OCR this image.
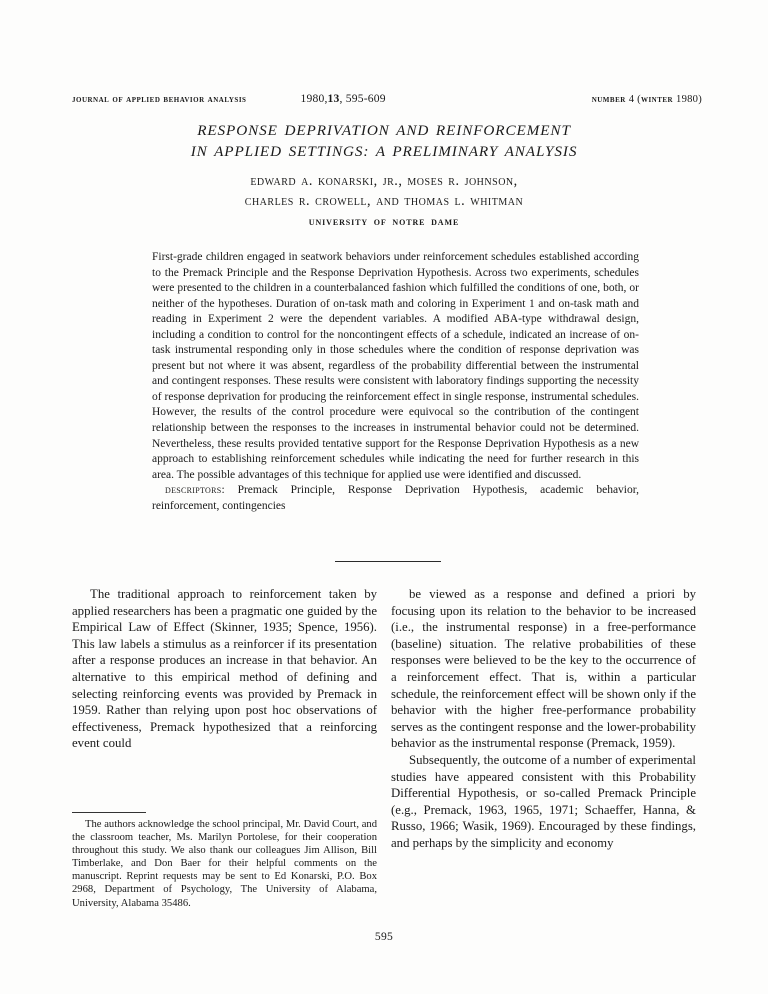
journal of applied behavior analysis	1980,13, 595-609	number 4 (winter 1980)
RESPONSE DEPRIVATION AND REINFORCEMENT
IN APPLIED SETTINGS: A PRELIMINARY ANALYSIS
edward a. konarski, jr., moses r. johnson,
charles r. crowell, and thomas l. whitman
university of notre dame

First-grade children engaged in seatwork behaviors under reinforcement schedules established according to the Premack Principle and the Response Deprivation Hypothesis. Across two experiments, schedules were presented to the children in a counterbalanced fashion which fulfilled the conditions of one, both, or neither of the hypotheses. Duration of on-task math and coloring in Experiment 1 and on-task math and reading in Experiment 2 were the dependent variables. A modified ABA-type withdrawal design, including a condition to control for the noncontingent effects of a schedule, indicated an increase of on-task instrumental responding only in those schedules where the condition of response deprivation was present but not where it was absent, regardless of the probability differential between the instrumental and contingent responses. These results were consistent with laboratory findings supporting the necessity of response deprivation for producing the reinforcement effect in single response, instrumental schedules. However, the results of the control procedure were equivocal so the contribution of the contingent relationship between the responses to the increases in instrumental behavior could not be determined. Nevertheless, these results provided tentative support for the Response Deprivation Hypothesis as a new approach to establishing reinforcement schedules while indicating the need for further research in this area. The possible advantages of this technique for applied use were identified and discussed.

descriptors: Premack Principle, Response Deprivation Hypothesis, academic behavior, reinforcement, contingencies

The traditional approach to reinforcement taken by applied researchers has been a pragmatic one guided by the Empirical Law of Effect (Skinner, 1935; Spence, 1956). This law labels a stimulus as a reinforcer if its presentation after a response produces an increase in that behavior. An alternative to this empirical method of defining and selecting reinforcing events was provided by Premack in 1959. Rather than relying upon post hoc observations of effectiveness, Premack hypothesized that a reinforcing event could

be viewed as a response and defined a priori by focusing upon its relation to the behavior to be increased (i.e., the instrumental response) in a free-performance (baseline) situation. The relative probabilities of these responses were believed to be the key to the occurrence of a reinforcement effect. That is, within a particular schedule, the reinforcement effect will be shown only if the behavior with the higher free-performance probability serves as the contingent response and the lower-probability behavior as the instrumental response (Premack, 1959).

Subsequently, the outcome of a number of experimental studies have appeared consistent with this Probability Differential Hypothesis, or so-called Premack Principle (e.g., Premack, 1963, 1965, 1971; Schaeffer, Hanna, & Russo, 1966; Wasik, 1969). Encouraged by these findings, and perhaps by the simplicity and economy

The authors acknowledge the school principal, Mr. David Court, and the classroom teacher, Ms. Marilyn Portolese, for their cooperation throughout this study. We also thank our colleagues Jim Allison, Bill Timberlake, and Don Baer for their helpful comments on the manuscript. Reprint requests may be sent to Ed Konarski, P.O. Box 2968, Department of Psychology, The University of Alabama, University, Alabama 35486.

595
